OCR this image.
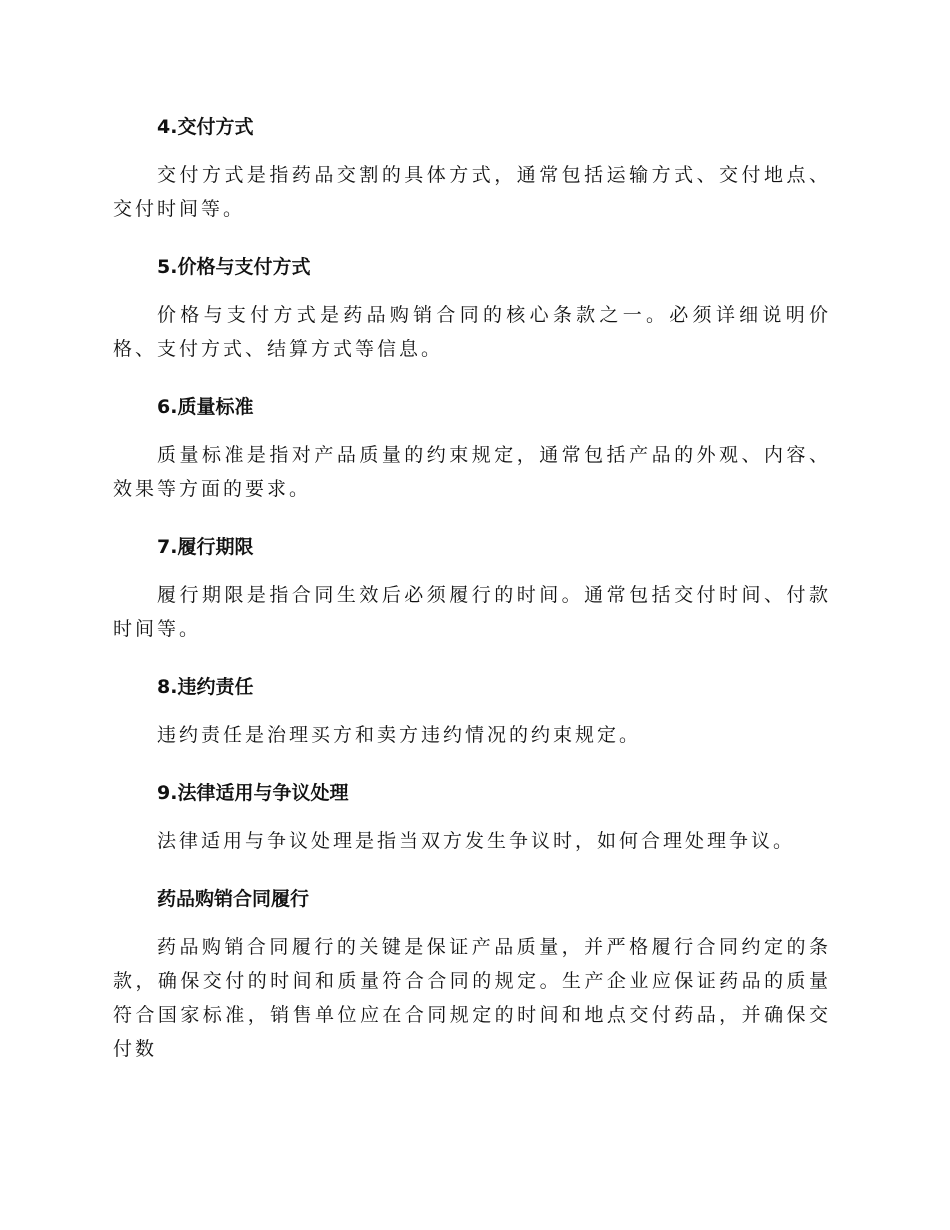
4.交付方式

交付方式是指药品交割的具体方式，通常包括运输方式、交付地点、交付时间等。

5.价格与支付方式

价格与支付方式是药品购销合同的核心条款之一。必须详细说明价格、支付方式、结算方式等信息。

6.质量标准

质量标准是指对产品质量的约束规定，通常包括产品的外观、内容、效果等方面的要求。

7.履行期限

履行期限是指合同生效后必须履行的时间。通常包括交付时间、付款时间等。

8.违约责任

违约责任是治理买方和卖方违约情况的约束规定。

9.法律适用与争议处理

法律适用与争议处理是指当双方发生争议时，如何合理处理争议。

药品购销合同履行

药品购销合同履行的关键是保证产品质量，并严格履行合同约定的条款，确保交付的时间和质量符合合同的规定。生产企业应保证药品的质量符合国家标准，销售单位应在合同规定的时间和地点交付药品，并确保交付数
